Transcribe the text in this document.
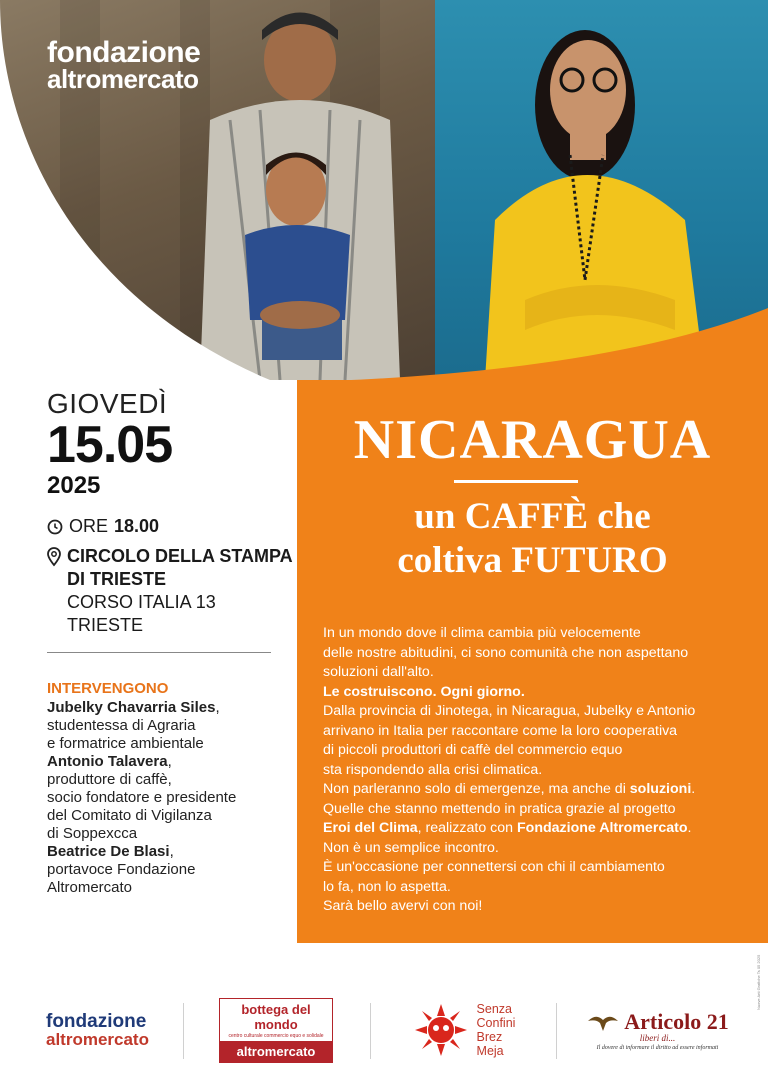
fondazione
altromercato
GIOVEDÌ
15.05
2025
ORE 18.00
CIRCOLO DELLA STAMPA
DI TRIESTE
CORSO ITALIA 13
TRIESTE
INTERVENGONO
Jubelky Chavarria Siles,
studentessa di Agraria
e formatrice ambientale
Antonio Talavera,
produttore di caffè,
socio fondatore e presidente
del Comitato di Vigilanza
di Soppexcca
Beatrice De Blasi,
portavoce Fondazione
Altromercato
NICARAGUA
un CAFFÈ che
coltiva FUTURO

In un mondo dove il clima cambia più velocemente
delle nostre abitudini, ci sono comunità che non aspettano
soluzioni dall'alto.
Le costruiscono. Ogni giorno.

Dalla provincia di Jinotega, in Nicaragua, Jubelky e Antonio
arrivano in Italia per raccontare come la loro cooperativa
di piccoli produttori di caffè del commercio equo
sta rispondendo alla crisi climatica.

Non parleranno solo di emergenze, ma anche di soluzioni.
Quelle che stanno mettendo in pratica grazie al progetto
Eroi del Clima, realizzato con Fondazione Altromercato.

Non è un semplice incontro.
È un'occasione per connettersi con chi il cambiamento
lo fa, non lo aspetta.
Sarà bello avervi con noi!

fondazione
altromercato
bottega del mondo
centro culturale commercio equo e solidale
altromercato
Senza
Confini
Brez
Meja
Articolo 21
liberi di...
Il dovere di informare il diritto ad essere informati
Nuove Arti Grafiche Ts 05 2025
